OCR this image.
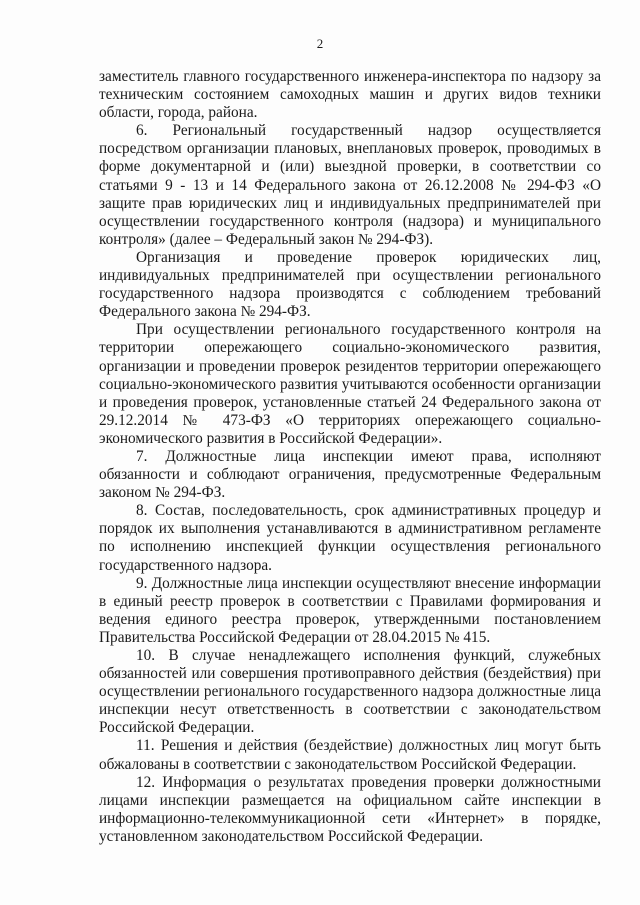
2

заместитель главного государственного инженера-инспектора по надзору за техническим состоянием самоходных машин и других видов техники области, города, района.

6. Региональный государственный надзор осуществляется посредством организации плановых, внеплановых проверок, проводимых в форме документарной и (или) выездной проверки, в соответствии со статьями 9 - 13 и 14 Федерального закона от 26.12.2008 № 294-ФЗ «О защите прав юридических лиц и индивидуальных предпринимателей при осуществлении государственного контроля (надзора) и муниципального контроля» (далее – Федеральный закон № 294-ФЗ).

Организация и проведение проверок юридических лиц, индивидуальных предпринимателей при осуществлении регионального государственного надзора производятся с соблюдением требований Федерального закона № 294-ФЗ.

При осуществлении регионального государственного контроля на территории опережающего социально-экономического развития, организации и проведении проверок резидентов территории опережающего социально-экономического развития учитываются особенности организации и проведения проверок, установленные статьей 24 Федерального закона от 29.12.2014 № 473-ФЗ «О территориях опережающего социально-экономического развития в Российской Федерации».

7. Должностные лица инспекции имеют права, исполняют обязанности и соблюдают ограничения, предусмотренные Федеральным законом № 294-ФЗ.

8. Состав, последовательность, срок административных процедур и порядок их выполнения устанавливаются в административном регламенте по исполнению инспекцией функции осуществления регионального государственного надзора.

9. Должностные лица инспекции осуществляют внесение информации в единый реестр проверок в соответствии с Правилами формирования и ведения единого реестра проверок, утвержденными постановлением Правительства Российской Федерации от 28.04.2015 № 415.

10. В случае ненадлежащего исполнения функций, служебных обязанностей или совершения противоправного действия (бездействия) при осуществлении регионального государственного надзора должностные лица инспекции несут ответственность в соответствии с законодательством Российской Федерации.

11. Решения и действия (бездействие) должностных лиц могут быть обжалованы в соответствии с законодательством Российской Федерации.

12. Информация о результатах проведения проверки должностными лицами инспекции размещается на официальном сайте инспекции в информационно-телекоммуникационной сети «Интернет» в порядке, установленном законодательством Российской Федерации.
